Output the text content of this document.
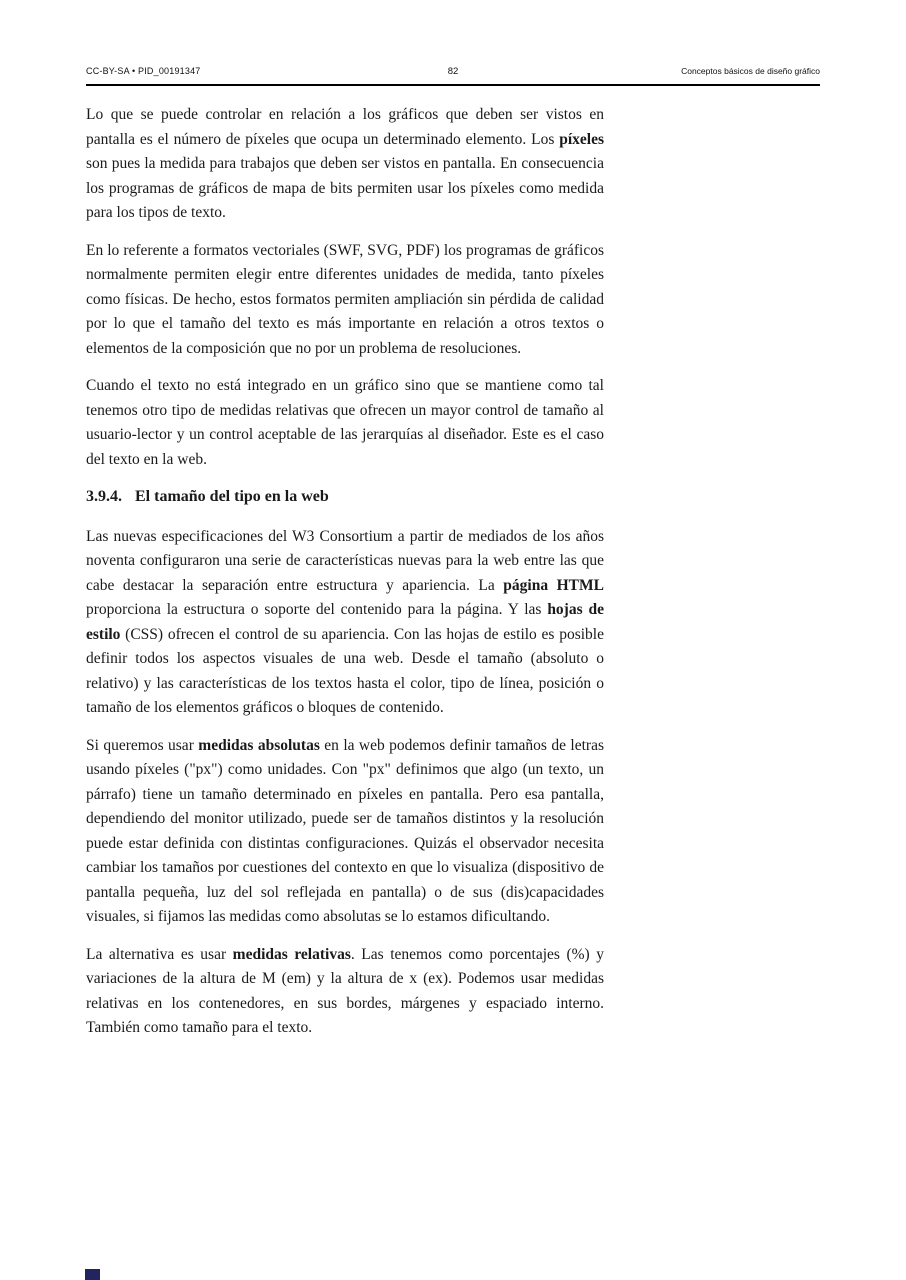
CC-BY-SA • PID_00191347	82	Conceptos básicos de diseño gráfico

Lo que se puede controlar en relación a los gráficos que deben ser vistos en pantalla es el número de píxeles que ocupa un determinado elemento. Los píxeles son pues la medida para trabajos que deben ser vistos en pantalla. En consecuencia los programas de gráficos de mapa de bits permiten usar los píxeles como medida para los tipos de texto.

En lo referente a formatos vectoriales (SWF, SVG, PDF) los programas de gráficos normalmente permiten elegir entre diferentes unidades de medida, tanto píxeles como físicas. De hecho, estos formatos permiten ampliación sin pérdida de calidad por lo que el tamaño del texto es más importante en relación a otros textos o elementos de la composición que no por un problema de resoluciones.

Cuando el texto no está integrado en un gráfico sino que se mantiene como tal tenemos otro tipo de medidas relativas que ofrecen un mayor control de tamaño al usuario-lector y un control aceptable de las jerarquías al diseñador. Este es el caso del texto en la web.

3.9.4. El tamaño del tipo en la web

Las nuevas especificaciones del W3 Consortium a partir de mediados de los años noventa configuraron una serie de características nuevas para la web entre las que cabe destacar la separación entre estructura y apariencia. La página HTML proporciona la estructura o soporte del contenido para la página. Y las hojas de estilo (CSS) ofrecen el control de su apariencia. Con las hojas de estilo es posible definir todos los aspectos visuales de una web. Desde el tamaño (absoluto o relativo) y las características de los textos hasta el color, tipo de línea, posición o tamaño de los elementos gráficos o bloques de contenido.

Si queremos usar medidas absolutas en la web podemos definir tamaños de letras usando píxeles ("px") como unidades. Con "px" definimos que algo (un texto, un párrafo) tiene un tamaño determinado en píxeles en pantalla. Pero esa pantalla, dependiendo del monitor utilizado, puede ser de tamaños distintos y la resolución puede estar definida con distintas configuraciones. Quizás el observador necesita cambiar los tamaños por cuestiones del contexto en que lo visualiza (dispositivo de pantalla pequeña, luz del sol reflejada en pantalla) o de sus (dis)capacidades visuales, si fijamos las medidas como absolutas se lo estamos dificultando.

La alternativa es usar medidas relativas. Las tenemos como porcentajes (%) y variaciones de la altura de M (em) y la altura de x (ex). Podemos usar medidas relativas en los contenedores, en sus bordes, márgenes y espaciado interno. También como tamaño para el texto.
